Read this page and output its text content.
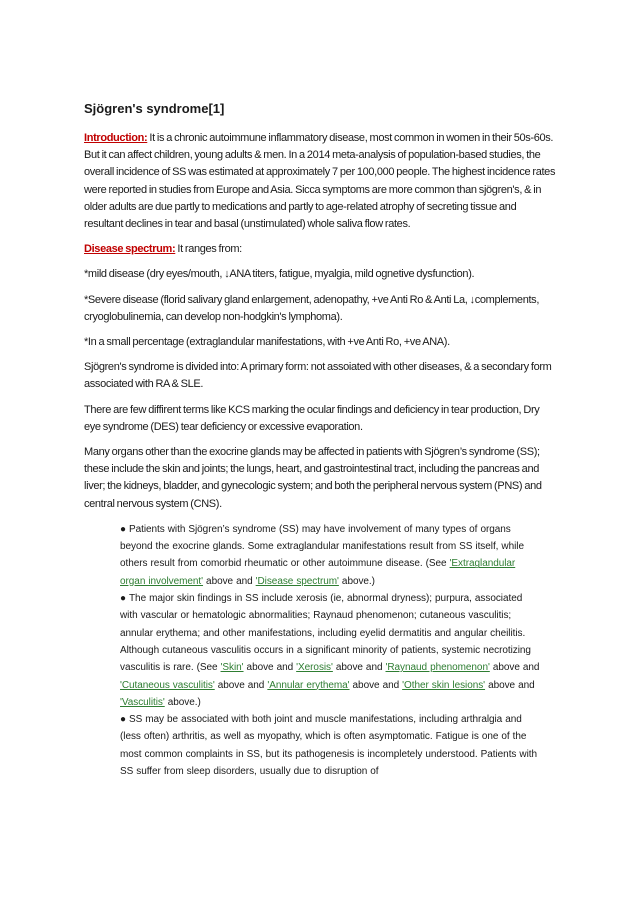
Sjögren's syndrome[1]

Introduction: It is a chronic autoimmune inflammatory disease, most common in women in their 50s-60s. But it can affect children, young adults & men. In a 2014 meta-analysis of population-based studies, the overall incidence of SS was estimated at approximately 7 per 100,000 people. The highest incidence rates were reported in studies from Europe and Asia. Sicca symptoms are more common than sjögren's, & in older adults are due partly to medications and partly to age-related atrophy of secreting tissue and resultant declines in tear and basal (unstimulated) whole saliva flow rates.

Disease spectrum: It ranges from:

*mild disease (dry eyes/mouth, ↓ANA titers, fatigue, myalgia, mild ognetive dysfunction).

*Severe disease (florid salivary gland enlargement, adenopathy, +ve Anti Ro & Anti La, ↓complements, cryoglobulinemia, can develop non-hodgkin's lymphoma).

*In a small percentage (extraglandular manifestations, with +ve Anti Ro, +ve ANA).

Sjögren's syndrome is divided into: A primary form: not assoiated with other diseases, & a secondary form associated with RA & SLE.

There are few diffirent terms like KCS marking the ocular findings and deficiency in tear production, Dry eye syndrome (DES) tear deficiency or excessive evaporation.

Many organs other than the exocrine glands may be affected in patients with Sjögren’s syndrome (SS); these include the skin and joints; the lungs, heart, and gastrointestinal tract, including the pancreas and liver; the kidneys, bladder, and gynecologic system; and both the peripheral nervous system (PNS) and central nervous system (CNS).

● Patients with Sjögren’s syndrome (SS) may have involvement of many types of organs beyond the exocrine glands. Some extraglandular manifestations result from SS itself, while others result from comorbid rheumatic or other autoimmune disease. (See 'Extraglandular organ involvement' above and 'Disease spectrum' above.)

● The major skin findings in SS include xerosis (ie, abnormal dryness); purpura, associated with vascular or hematologic abnormalities; Raynaud phenomenon; cutaneous vasculitis; annular erythema; and other manifestations, including eyelid dermatitis and angular cheilitis. Although cutaneous vasculitis occurs in a significant minority of patients, systemic necrotizing vasculitis is rare. (See 'Skin' above and 'Xerosis' above and 'Raynaud phenomenon' above and 'Cutaneous vasculitis' above and 'Annular erythema' above and 'Other skin lesions' above and 'Vasculitis' above.)

● SS may be associated with both joint and muscle manifestations, including arthralgia and (less often) arthritis, as well as myopathy, which is often asymptomatic. Fatigue is one of the most common complaints in SS, but its pathogenesis is incompletely understood. Patients with SS suffer from sleep disorders, usually due to disruption of
